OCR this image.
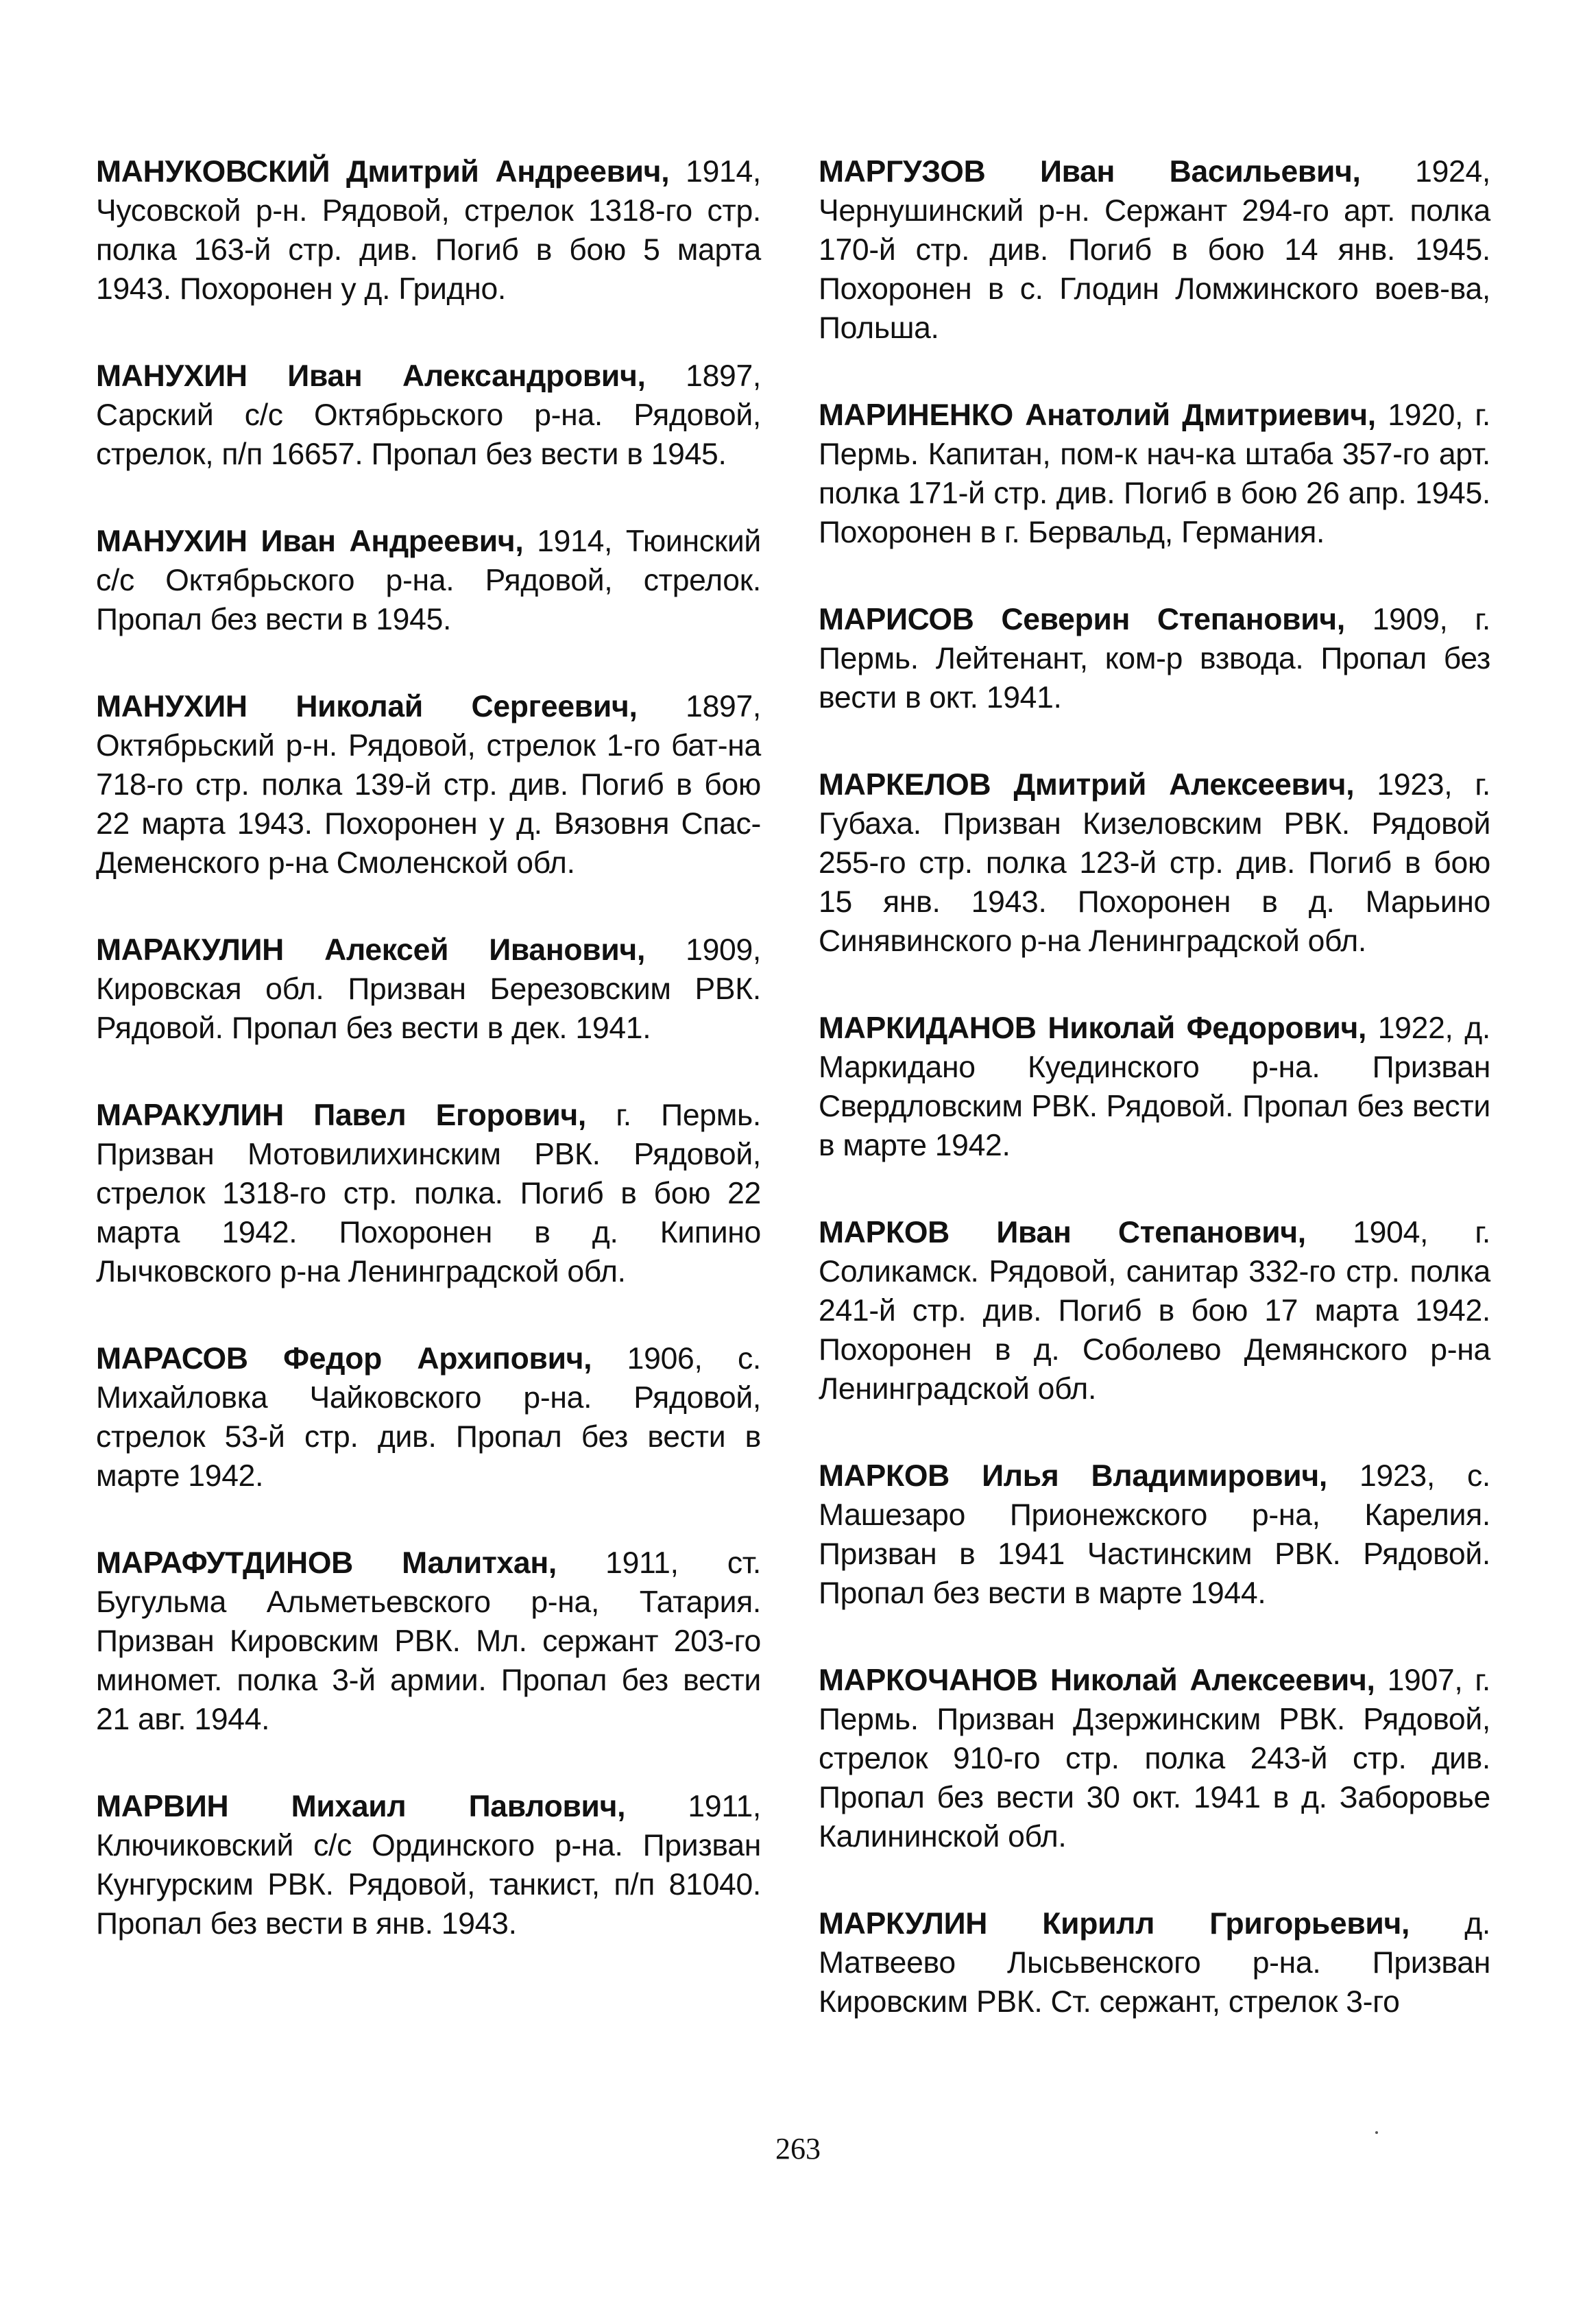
МАНУКОВСКИЙ Дмитрий Андреевич, 1914, Чусовской р-н. Рядовой, стрелок 1318-го стр. полка 163-й стр. див. Погиб в бою 5 марта 1943. Похоронен у д. Гридно.

МАНУХИН Иван Александрович, 1897, Сарский с/с Октябрьского р-на. Рядовой, стрелок, п/п 16657. Пропал без вести в 1945.

МАНУХИН Иван Андреевич, 1914, Тюинский с/с Октябрьского р-на. Рядовой, стрелок. Пропал без вести в 1945.

МАНУХИН Николай Сергеевич, 1897, Октябрьский р-н. Рядовой, стрелок 1-го бат-на 718-го стр. полка 139-й стр. див. Погиб в бою 22 марта 1943. Похоронен у д. Вязовня Спас-Деменского р-на Смоленской обл.

МАРАКУЛИН Алексей Иванович, 1909, Кировская обл. Призван Березовским РВК. Рядовой. Пропал без вести в дек. 1941.

МАРАКУЛИН Павел Егорович, г. Пермь. Призван Мотовилихинским РВК. Рядовой, стрелок 1318-го стр. полка. Погиб в бою 22 марта 1942. Похоронен в д. Кипино Лычковского р-на Ленинградской обл.

МАРАСОВ Федор Архипович, 1906, с. Михайловка Чайковского р-на. Рядовой, стрелок 53-й стр. див. Пропал без вести в марте 1942.

МАРАФУТДИНОВ Малитхан, 1911, ст. Бугульма Альметьевского р-на, Татария. Призван Кировским РВК. Мл. сержант 203-го миномет. полка 3-й армии. Пропал без вести 21 авг. 1944.

МАРВИН Михаил Павлович, 1911, Ключиковский с/с Ординского р-на. Призван Кунгурским РВК. Рядовой, танкист, п/п 81040. Пропал без вести в янв. 1943.

МАРГУЗОВ Иван Васильевич, 1924, Чернушинский р-н. Сержант 294-го арт. полка 170-й стр. див. Погиб в бою 14 янв. 1945. Похоронен в с. Глодин Ломжинского воев-ва, Польша.

МАРИНЕНКО Анатолий Дмитриевич, 1920, г. Пермь. Капитан, пом-к нач-ка штаба 357-го арт. полка 171-й стр. див. Погиб в бою 26 апр. 1945. Похоронен в г. Бервальд, Германия.

МАРИСОВ Северин Степанович, 1909, г. Пермь. Лейтенант, ком-р взвода. Пропал без вести в окт. 1941.

МАРКЕЛОВ Дмитрий Алексеевич, 1923, г. Губаха. Призван Кизеловским РВК. Рядовой 255-го стр. полка 123-й стр. див. Погиб в бою 15 янв. 1943. Похоронен в д. Марьино Синявинского р-на Ленинградской обл.

МАРКИДАНОВ Николай Федорович, 1922, д. Маркидано Куединского р-на. Призван Свердловским РВК. Рядовой. Пропал без вести в марте 1942.

МАРКОВ Иван Степанович, 1904, г. Соликамск. Рядовой, санитар 332-го стр. полка 241-й стр. див. Погиб в бою 17 марта 1942. Похоронен в д. Соболево Демянского р-на Ленинградской обл.

МАРКОВ Илья Владимирович, 1923, с. Машезаро Прионежского р-на, Карелия. Призван в 1941 Частинским РВК. Рядовой. Пропал без вести в марте 1944.

МАРКОЧАНОВ Николай Алексеевич, 1907, г. Пермь. Призван Дзержинским РВК. Рядовой, стрелок 910-го стр. полка 243-й стр. див. Пропал без вести 30 окт. 1941 в д. Заборовье Калининской обл.

МАРКУЛИН Кирилл Григорьевич, д. Матвеево Лысьвенского р-на. Призван Кировским РВК. Ст. сержант, стрелок 3-го

263
